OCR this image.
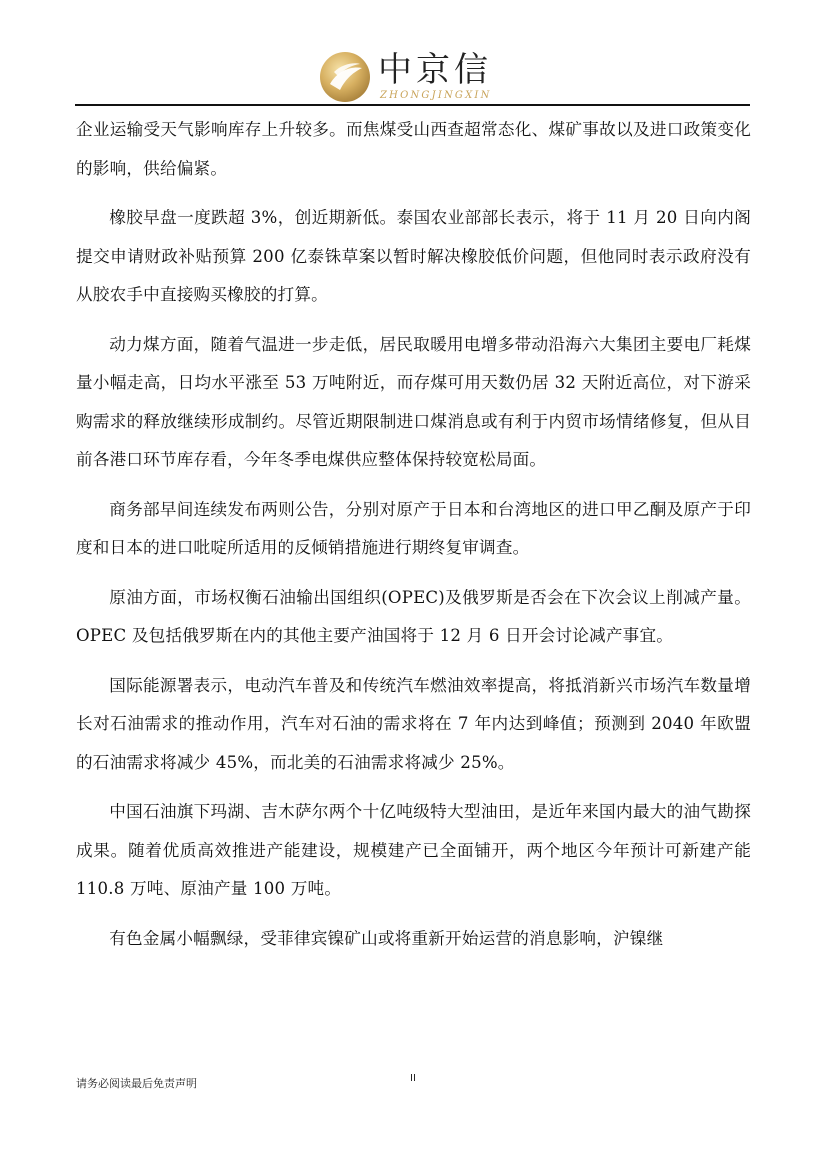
中京信
ZHONGJINGXIN

企业运输受天气影响库存上升较多。而焦煤受山西查超常态化、煤矿事故以及进口政策变化的影响，供给偏紧。

橡胶早盘一度跌超 3%，创近期新低。泰国农业部部长表示，将于 11 月 20 日向内阁提交申请财政补贴预算 200 亿泰铢草案以暂时解决橡胶低价问题，但他同时表示政府没有从胶农手中直接购买橡胶的打算。

动力煤方面，随着气温进一步走低，居民取暖用电增多带动沿海六大集团主要电厂耗煤量小幅走高，日均水平涨至 53 万吨附近，而存煤可用天数仍居 32 天附近高位，对下游采购需求的释放继续形成制约。尽管近期限制进口煤消息或有利于内贸市场情绪修复，但从目前各港口环节库存看，今年冬季电煤供应整体保持较宽松局面。

商务部早间连续发布两则公告，分别对原产于日本和台湾地区的进口甲乙酮及原产于印度和日本的进口吡啶所适用的反倾销措施进行期终复审调查。

原油方面，市场权衡石油输出国组织(OPEC)及俄罗斯是否会在下次会议上削减产量。OPEC 及包括俄罗斯在内的其他主要产油国将于 12 月 6 日开会讨论减产事宜。

国际能源署表示，电动汽车普及和传统汽车燃油效率提高，将抵消新兴市场汽车数量增长对石油需求的推动作用，汽车对石油的需求将在 7 年内达到峰值；预测到 2040 年欧盟的石油需求将减少 45%，而北美的石油需求将减少 25%。

中国石油旗下玛湖、吉木萨尔两个十亿吨级特大型油田，是近年来国内最大的油气勘探成果。随着优质高效推进产能建设，规模建产已全面铺开，两个地区今年预计可新建产能 110.8 万吨、原油产量 100 万吨。

有色金属小幅飘绿，受菲律宾镍矿山或将重新开始运营的消息影响，沪镍继

请务必阅读最后免责声明	II
